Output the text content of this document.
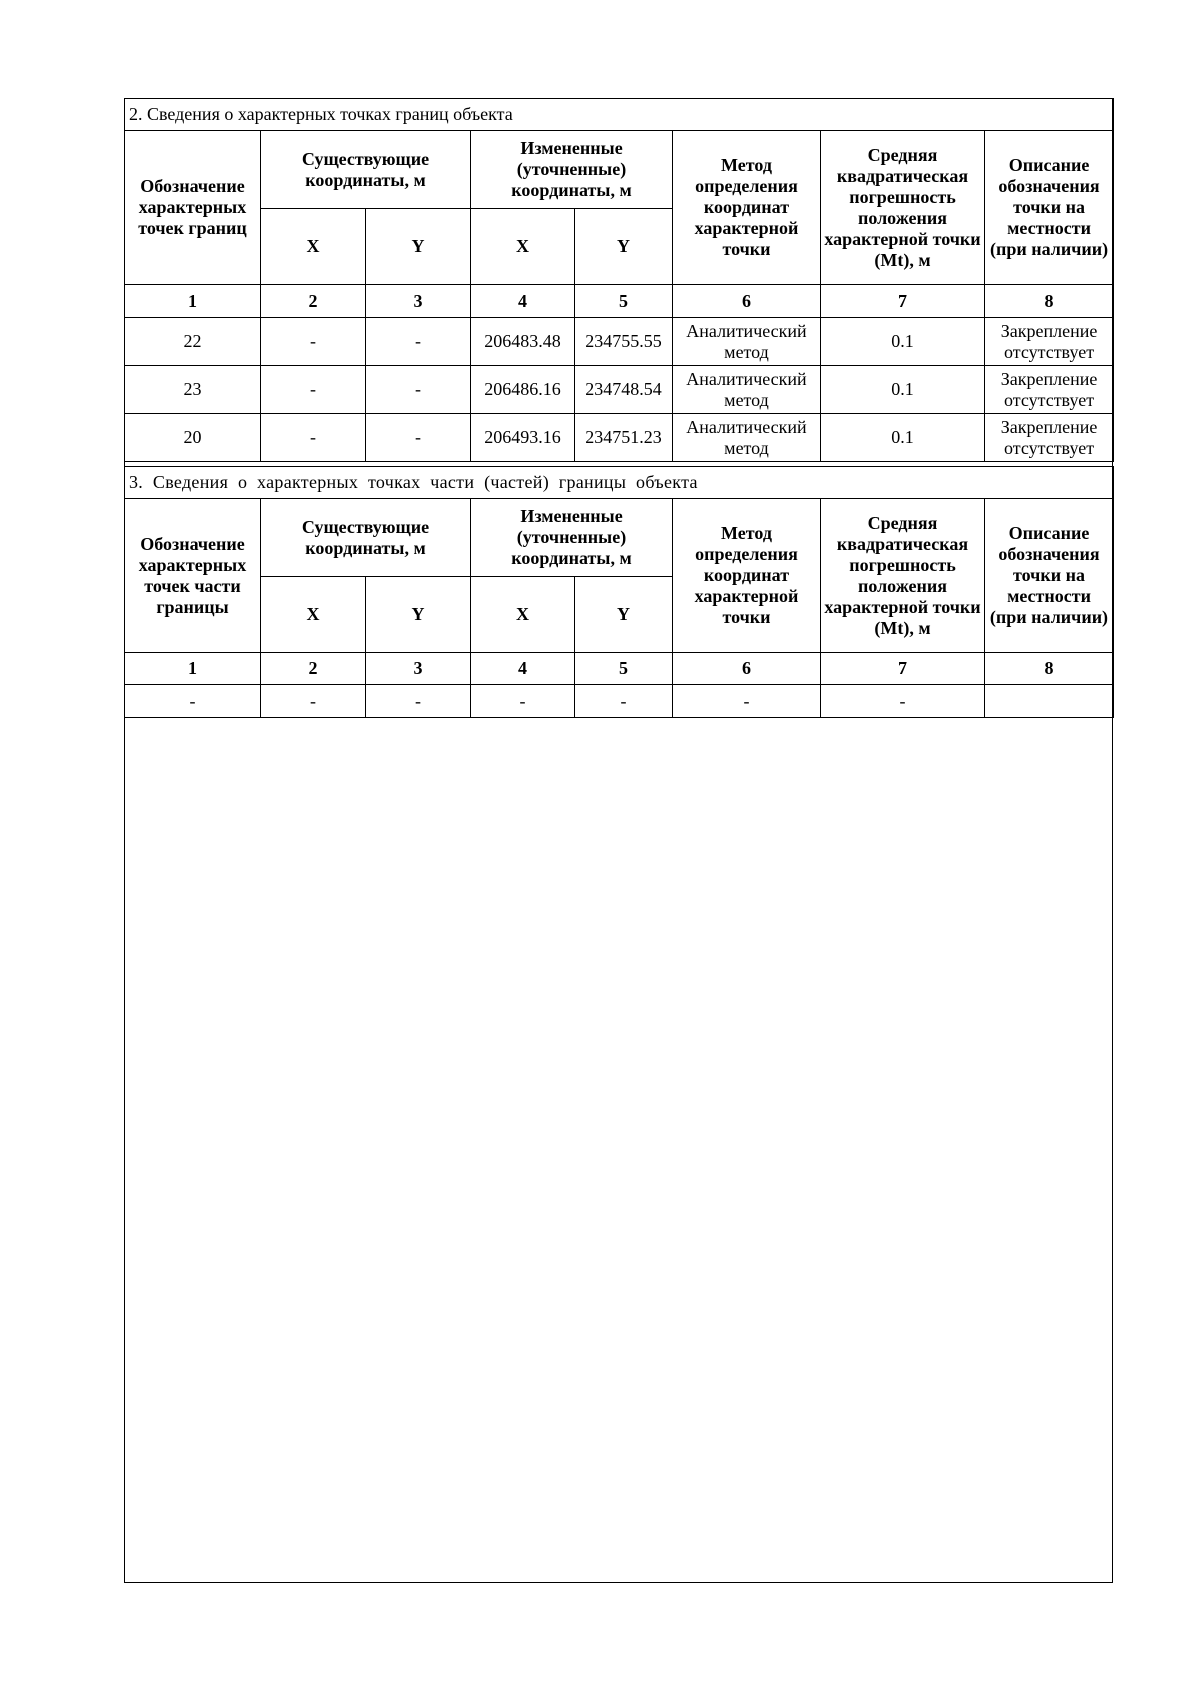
2. Сведения о характерных точках границ объекта							
Обозначение характерных точек границ	Существующие координаты, м		Измененные (уточненные) координаты, м		Метод определения координат характерной точки	Средняя квадратическая погрешность положения характерной точки (Mt), м	Описание обозначения точки на местности (при наличии)
	X	Y	X	Y			
1	2	3	4	5	6	7	8
22	-	-	206483.48	234755.55	Аналитический метод	0.1	Закрепление отсутствует
23	-	-	206486.16	234748.54	Аналитический метод	0.1	Закрепление отсутствует
20	-	-	206493.16	234751.23	Аналитический метод	0.1	Закрепление отсутствует
3. Сведения о характерных точках части (частей) границы объекта							
Обозначение характерных точек части границы	Существующие координаты, м		Измененные (уточненные) координаты, м		Метод определения координат характерной точки	Средняя квадратическая погрешность положения характерной точки (Mt), м	Описание обозначения точки на местности (при наличии)
	X	Y	X	Y			
1	2	3	4	5	6	7	8
-	-	-	-	-	-	-	
